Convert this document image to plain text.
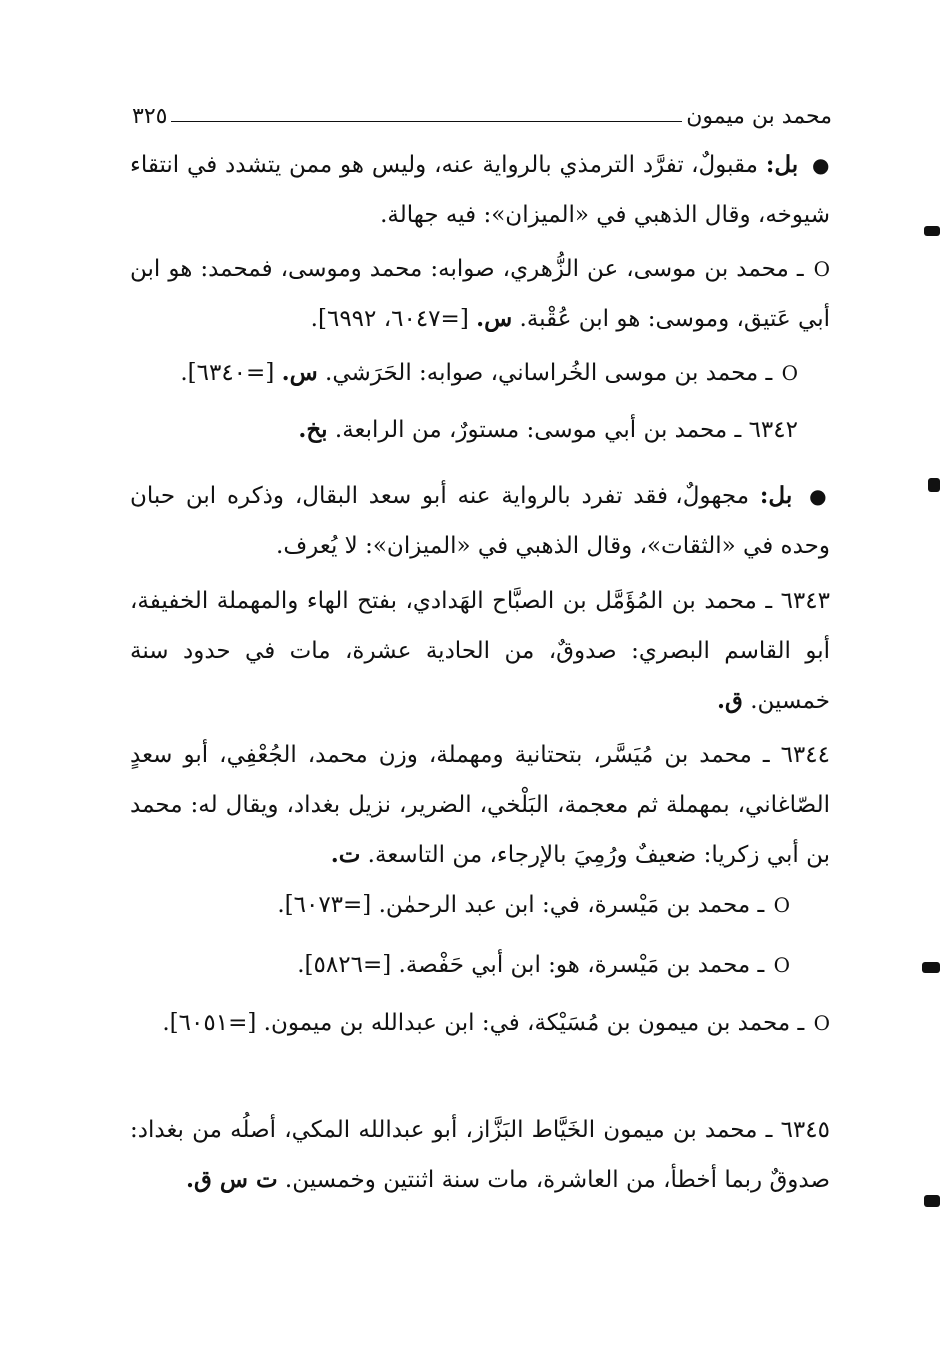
محمد بن ميمون
٣٢٥
● بل: مقبولٌ، تفرَّد الترمذي بالرواية عنه، وليس هو ممن يتشدد في انتقاء شيوخه، وقال الذهبي في «الميزان»: فيه جهالة.
O ـ محمد بن موسى، عن الزُّهري، صوابه: محمد وموسى، فمحمد: هو ابن أبي عَتيق، وموسى: هو ابن عُقْبة. س. [=٦٠٤٧، ٦٩٩٢].
O ـ محمد بن موسى الخُراساني، صوابه: الحَرَشي. س. [=٦٣٤٠].
٦٣٤٢ ـ محمد بن أبي موسى: مستورٌ، من الرابعة. بخ.
● بل: مجهولٌ، فقد تفرد بالرواية عنه أبو سعد البقال، وذكره ابن حبان وحده في «الثقات»، وقال الذهبي في «الميزان»: لا يُعرف.
٦٣٤٣ ـ محمد بن المُؤَمَّل بن الصبَّاح الهَدادي، بفتح الهاء والمهملة الخفيفة، أبو القاسم البصري: صدوقٌ، من الحادية عشرة، مات في حدود سنة خمسين. ق.
٦٣٤٤ ـ محمد بن مُيَسَّر، بتحتانية ومهملة، وزن محمد، الجُعْفِي، أبو سعدٍ الصّاغاني، بمهملة ثم معجمة، البَلْخي، الضرير، نزيل بغداد، ويقال له: محمد بن أبي زكريا: ضعيفٌ ورُمِيَ بالإرجاء، من التاسعة. ت.
O ـ محمد بن مَيْسرة، في: ابن عبد الرحمٰن. [=٦٠٧٣].
O ـ محمد بن مَيْسرة، هو: ابن أبي حَفْصة. [=٥٨٢٦].
O ـ محمد بن ميمون بن مُسَيْكة، في: ابن عبدالله بن ميمون. [=٦٠٥١].
٦٣٤٥ ـ محمد بن ميمون الخَيَّاط البَزَّاز، أبو عبدالله المكي، أصلُه من بغداد: صدوقٌ ربما أخطأ، من العاشرة، مات سنة اثنتين وخمسين. ت س ق.
